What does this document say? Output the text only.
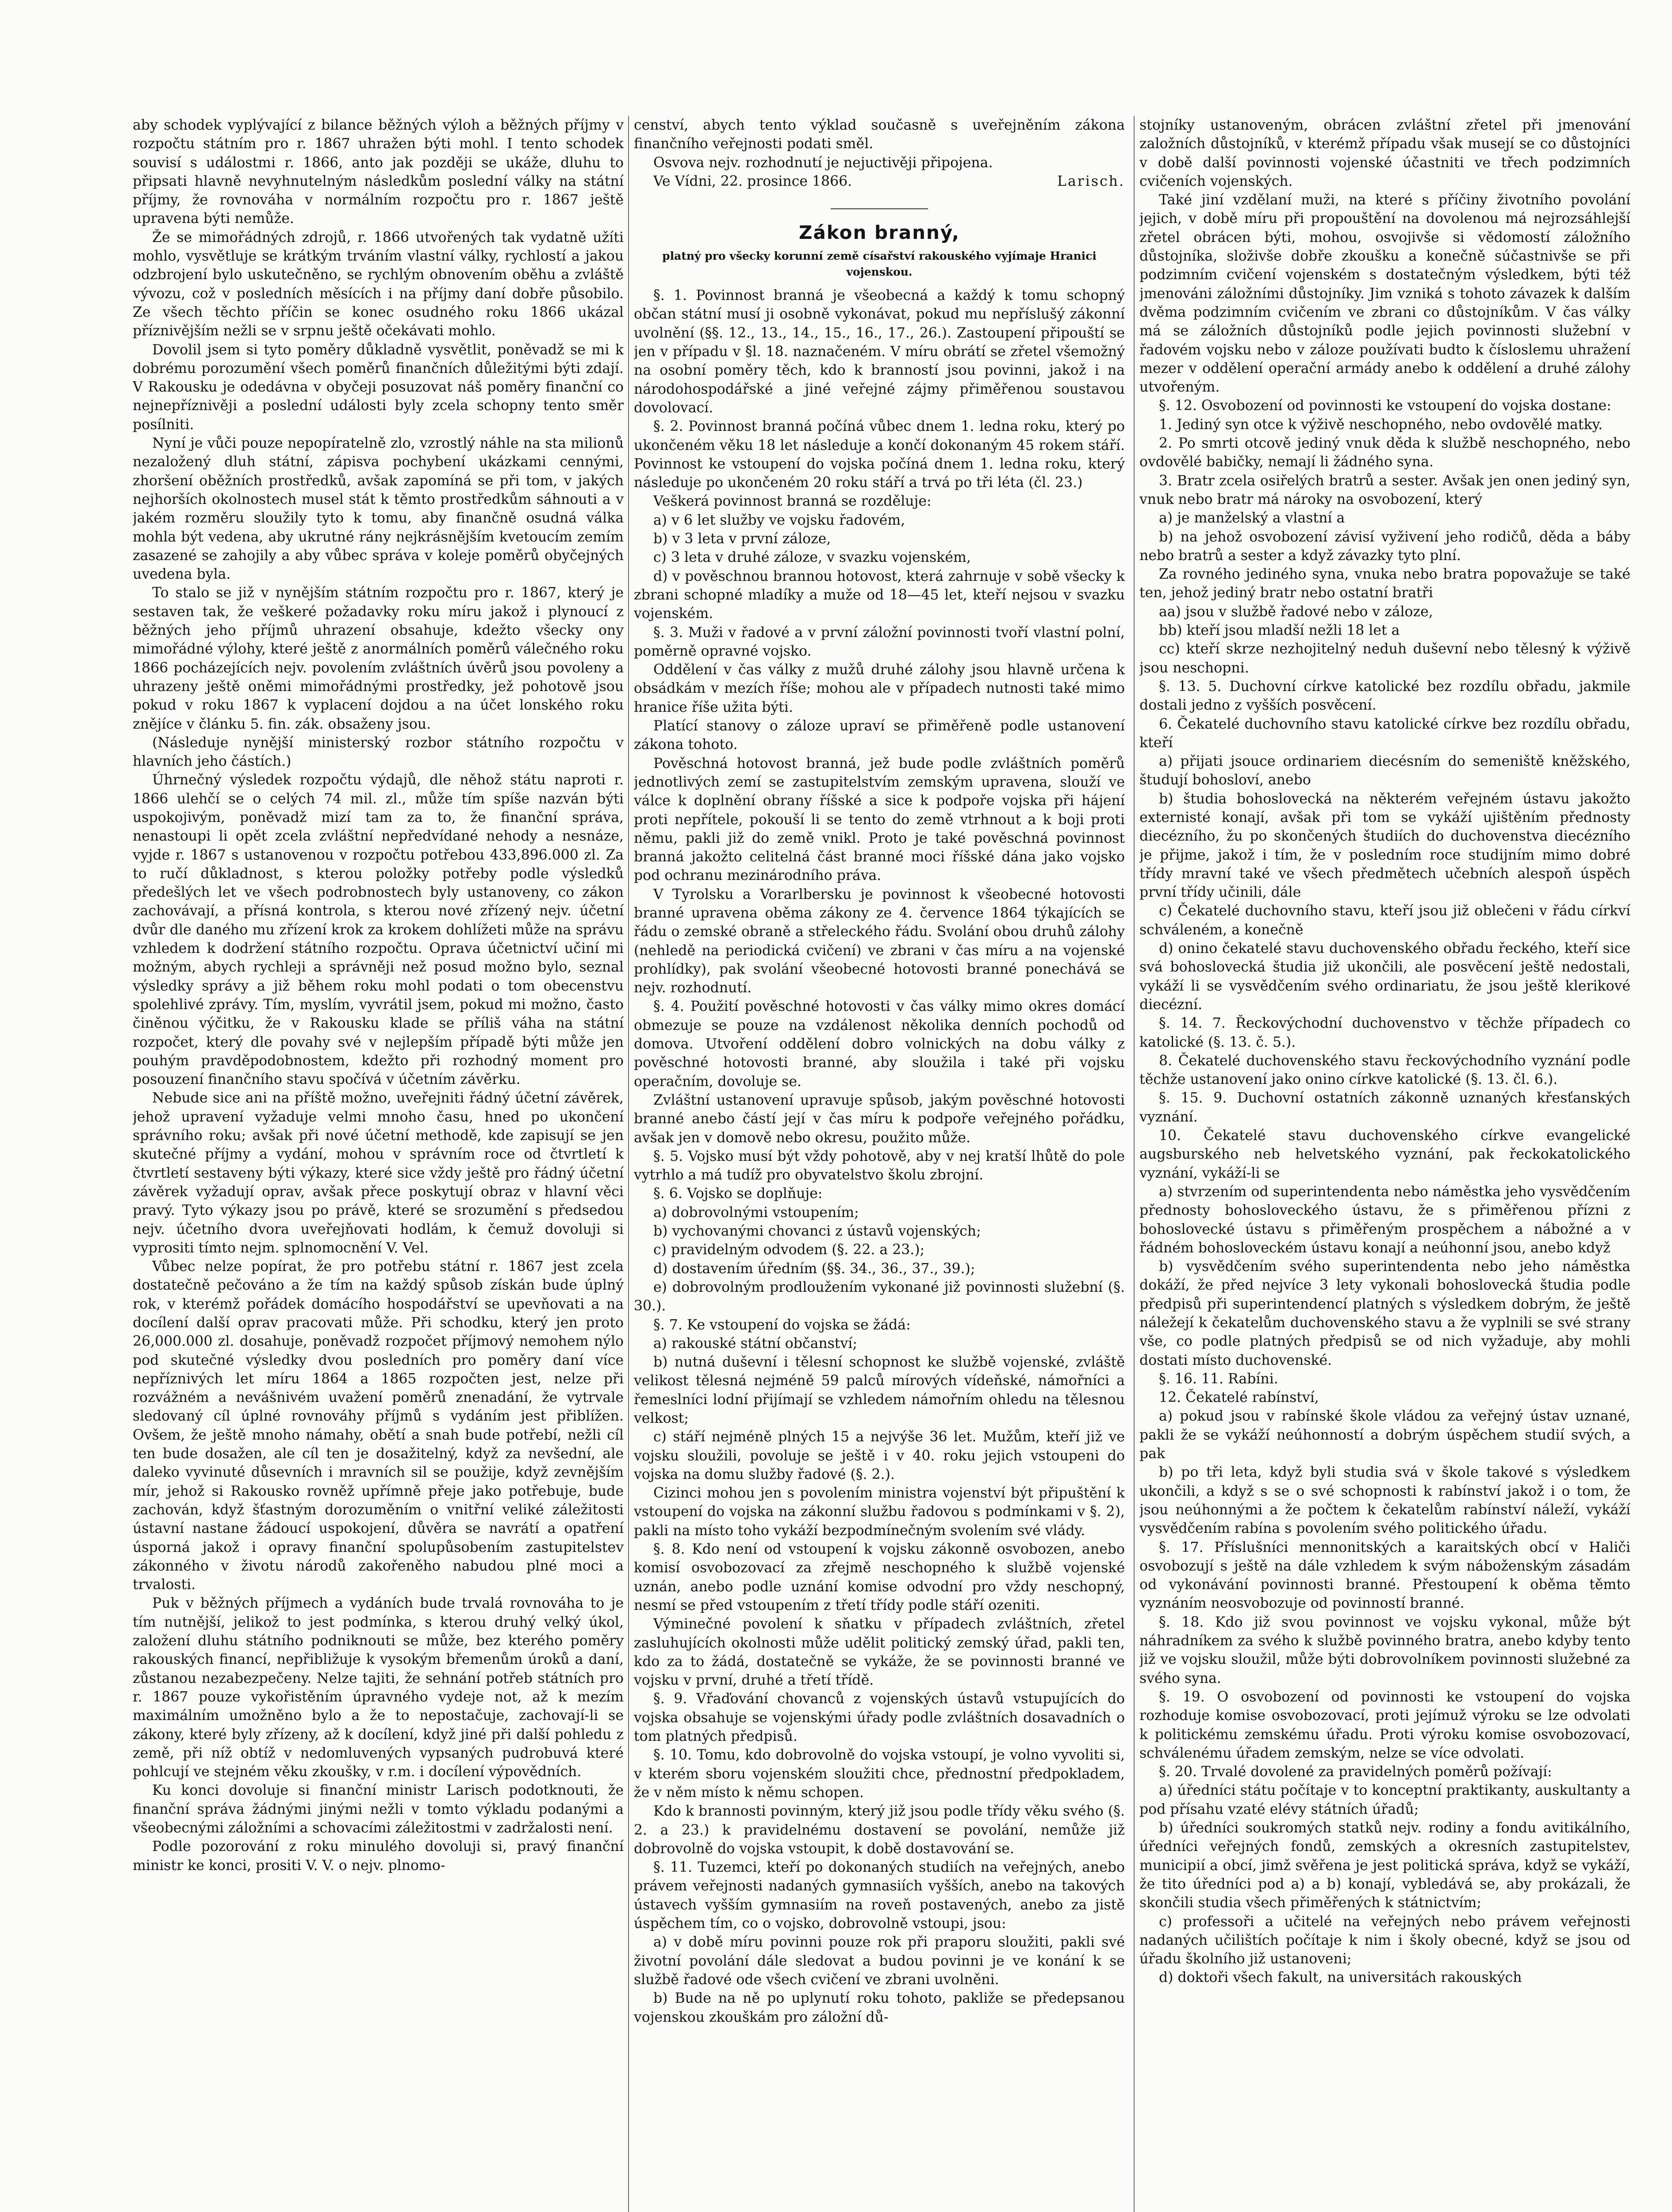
aby schodek vyplývající z bilance běžných výloh a běžných příjmy v rozpočtu státním pro r. 1867 uhražen býti mohl. I tento schodek souvisí s událostmi r. 1866, anto jak později se ukáže, dluhu to připsati hlavně nevyhnutelným následkům poslední války na státní příjmy, že rovnováha v normálním rozpočtu pro r. 1867 ještě upravena býti nemůže.

Že se mimořádných zdrojů, r. 1866 utvořených tak vydatně užíti mohlo, vysvětluje se krátkým trváním vlastní války, rychlostí a jakou odzbrojení bylo uskutečněno, se rychlým obnovením oběhu a zvláště vývozu, což v posledních měsících i na příjmy daní dobře působilo. Ze všech těchto příčin se konec osudného roku 1866 ukázal příznivějším nežli se v srpnu ještě očekávati mohlo.

Dovolil jsem si tyto poměry důkladně vysvětlit, poněvadž se mi k dobrému porozumění všech poměrů finančních důležitými býti zdají. V Rakousku je odedávna v obyčeji posuzovat náš poměry finanční co nejnepříznivěji a poslední události byly zcela schopny tento směr posílniti.

Nyní je vůči pouze nepopíratelně zlo, vzrostlý náhle na sta milionů nezaložený dluh státní, zápisva pochybení ukázkami cennými, zhoršení oběžních prostředků, avšak zapomíná se při tom, v jakých nejhorších okolnostech musel stát k těmto prostředkům sáhnouti a v jakém rozměru sloužily tyto k tomu, aby finančně osudná válka mohla být vedena, aby ukrutné rány nejkrásnějším kvetoucím zemím zasazené se zahojily a aby vůbec správa v koleje poměrů obyčejných uvedena byla.

To stalo se již v nynějším státním rozpočtu pro r. 1867, který je sestaven tak, že veškeré požadavky roku míru jakož i plynoucí z běžných jeho příjmů uhrazení obsahuje, kdežto všecky ony mimořádné výlohy, které ještě z anormálních poměrů válečného roku 1866 pocházejících nejv. povolením zvláštních úvěrů jsou povoleny a uhrazeny ještě oněmi mimořádnými prostředky, jež pohotově jsou pokud v roku 1867 k vyplacení dojdou a na účet lonského roku znějíce v článku 5. fin. zák. obsaženy jsou.

(Následuje nynější ministerský rozbor státního rozpočtu v hlavních jeho částích.)

Úhrnečný výsledek rozpočtu výdajů, dle něhož státu naproti r. 1866 ulehčí se o celých 74 mil. zl., může tím spíše nazván býti uspokojivým, poněvadž mizí tam za to, že finanční správa, nenastoupi li opět zcela zvláštní nepředvídané nehody a nesnáze, vyjde r. 1867 s ustanovenou v rozpočtu potřebou 433,896.000 zl. Za to ručí důkladnost, s kterou položky potřeby podle výsledků předešlých let ve všech podrobnostech byly ustanoveny, co zákon zachovávají, a přísná kontrola, s kterou nové zřízený nejv. účetní dvůr dle daného mu zřízení krok za krokem dohlížeti může na správu vzhledem k dodržení státního rozpočtu. Oprava účetnictví učiní mi možným, abych rychleji a správněji než posud možno bylo, seznal výsledky správy a již během roku mohl podati o tom obecenstvu spolehlivé zprávy. Tím, myslím, vyvrátil jsem, pokud mi možno, často činěnou výčitku, že v Rakousku klade se příliš váha na státní rozpočet, který dle povahy své v nejlepším případě býti může jen pouhým pravděpodobnostem, kdežto při rozhodný moment pro posouzení finančního stavu spočívá v účetním závěrku.

Nebude sice ani na příště možno, uveřejniti řádný účetní závěrek, jehož upravení vyžaduje velmi mnoho času, hned po ukončení správního roku; avšak při nové účetní methodě, kde zapisují se jen skutečné příjmy a vydání, mohou v správním roce od čtvrtletí k čtvrtletí sestaveny býti výkazy, které sice vždy ještě pro řádný účetní závěrek vyžadují oprav, avšak přece poskytují obraz v hlavní věci pravý. Tyto výkazy jsou po právě, které se srozumění s předsedou nejv. účetního dvora uveřejňovati hodlám, k čemuž dovoluji si vyprositi tímto nejm. splnomocnění V. Vel.

Vůbec nelze popírat, že pro potřebu státní r. 1867 jest zcela dostatečně pečováno a že tím na každý spůsob získán bude úplný rok, v kterémž pořádek domácího hospodářství se upevňovati a na docílení další oprav pracovati může. Při schodku, který jen proto 26,000.000 zl. dosahuje, poněvadž rozpočet příjmový nemohem nýlo pod skutečné výsledky dvou posledních pro poměry daní více nepříznivých let míru 1864 a 1865 rozpočten jest, nelze při rozvážném a nevášnivém uvažení poměrů znenadání, že vytrvale sledovaný cíl úplné rovnováhy příjmů s vydáním jest přiblížen. Ovšem, že ještě mnoho námahy, obětí a snah bude potřebí, nežli cíl ten bude dosažen, ale cíl ten je dosažitelný, když za nevšední, ale daleko vyvinuté důsevních i mravních sil se použije, když zevnějším mír, jehož si Rakousko rovněž upřímně přeje jako potřebuje, bude zachován, když šťastným dorozuměním o vnitřní veliké záležitosti ústavní nastane žádoucí uspokojení, důvěra se navrátí a opatření úsporná jakož i opravy finanční spolupůsobením zastupitelstev zákonného v životu národů zakořeněho nabudou plné moci a trvalosti.

Puk v běžných příjmech a vydáních bude trvalá rovnováha to je tím nutnější, jelikož to jest podmínka, s kterou druhý velký úkol, založení dluhu státního podniknouti se může, bez kterého poměry rakouských financí, nepřibližuje k vysokým břemenům úroků a daní, zůstanou nezabezpečeny. Nelze tajiti, že sehnání potřeb státních pro r. 1867 pouze vykořistěním úpravného vydeje not, až k mezím maximálním umožněno bylo a že to nepostačuje, zachovají-li se zákony, které byly zřízeny, až k docílení, když jiné při další pohledu z země, při níž obtíž v nedomluvených vypsaných pudrobuvá které pohlcují ve stejném věku zkoušky, v r.m. i docílení výpovědních.

Ku konci dovoluje si finanční ministr Larisch podotknouti, že finanční správa žádnými jinými nežli v tomto výkladu podanými a všeobecnými záložními a schovacími záležitostmi v zadržalosti není.

Podle pozorování z roku minulého dovoluji si, pravý finanční ministr ke konci, prositi V. V. o nejv. plnomo-

cenství, abych tento výklad současně s uveřejněním zákona finančního veřejnosti podati směl.

Osvova nejv. rozhodnutí je nejuctivěji připojena.

Ve Vídni, 22. prosince 1866.	Larisch.
Zákon branný,
platný pro všecky korunní země císařství rakouského vyjímaje Hranici vojenskou.

§. 1. Povinnost branná je všeobecná a každý k tomu schopný občan státní musí ji osobně vykonávat, pokud mu nepříslušý zákonní uvolnění (§§. 12., 13., 14., 15., 16., 17., 26.). Zastoupení připouští se jen v případu v §l. 18. naznačeném. V míru obrátí se zřetel všemožný na osobní poměry těch, kdo k branností jsou povinni, jakož i na národohospodářské a jiné veřejné zájmy přiměřenou soustavou dovolovací.

§. 2. Povinnost branná počíná vůbec dnem 1. ledna roku, který po ukončeném věku 18 let následuje a končí dokonaným 45 rokem stáří. Povinnost ke vstoupení do vojska počíná dnem 1. ledna roku, který následuje po ukončeném 20 roku stáří a trvá po tři léta (čl. 23.)

Veškerá povinnost branná se rozděluje:

a) v 6 let služby ve vojsku řadovém,

b) v 3 leta v první záloze,

c) 3 leta v druhé záloze, v svazku vojenském,

d) v pověschnou brannou hotovost, která zahrnuje v sobě všecky k zbrani schopné mladíky a muže od 18—45 let, kteří nejsou v svazku vojenském.

§. 3. Muži v řadové a v první záložní povinnosti tvoří vlastní polní, poměrně opravné vojsko.

Oddělení v čas války z mužů druhé zálohy jsou hlavně určena k obsádkám v mezích říše; mohou ale v případech nutnosti také mimo hranice říše užita býti.

Platící stanovy o záloze upraví se přiměřeně podle ustanovení zákona tohoto.

Pověschná hotovost branná, jež bude podle zvláštních poměrů jednotlivých zemí se zastupitelstvím zemským upravena, slouží ve válce k doplnění obrany říšské a sice k podpoře vojska při hájení proti nepřítele, pokouší li se tento do země vtrhnout a k boji proti němu, pakli již do země vnikl. Proto je také pověschná povinnost branná jakožto celitelná část branné moci říšské dána jako vojsko pod ochranu mezinárodního práva.

V Tyrolsku a Vorarlbersku je povinnost k všeobecné hotovosti branné upravena oběma zákony ze 4. července 1864 týkajících se řádu o zemské obraně a střeleckého řádu. Svolání obou druhů zálohy (nehledě na periodická cvičení) ve zbrani v čas míru a na vojenské prohlídky), pak svolání všeobecné hotovosti branné ponechává se nejv. rozhodnutí.

§. 4. Použití pověschné hotovosti v čas války mimo okres domácí obmezuje se pouze na vzdálenost několika denních pochodů od domova. Utvoření oddělení dobro volnických na dobu války z pověschné hotovosti branné, aby sloužila i také při vojsku operačním, dovoluje se.

Zvláštní ustanovení upravuje spůsob, jakým pověschné hotovosti branné anebo částí její v čas míru k podpoře veřejného pořádku, avšak jen v domově nebo okresu, použito může.

§. 5. Vojsko musí být vždy pohotově, aby v nej kratší lhůtě do pole vytrhlo a má tudíž pro obyvatelstvo školu zbrojní.

§. 6. Vojsko se doplňuje:

a) dobrovolnými vstoupením;

b) vychovanými chovanci z ústavů vojenských;

c) pravidelným odvodem (§. 22. a 23.);

d) dostavením úředním (§§. 34., 36., 37., 39.);

e) dobrovolným prodloužením vykonané již povinnosti služební (§. 30.).

§. 7. Ke vstoupení do vojska se žádá:

a) rakouské státní občanství;

b) nutná duševní i tělesní schopnost ke službě vojenské, zvláště velikost tělesná nejméně 59 palců mírových vídeňské, námořníci a řemeslníci lodní přijímají se vzhledem námořním ohledu na tělesnou velkost;

c) stáří nejméně plných 15 a nejvýše 36 let. Mužům, kteří již ve vojsku sloužili, povoluje se ještě i v 40. roku jejich vstoupeni do vojska na domu služby řadové (§. 2.).

Cizinci mohou jen s povolením ministra vojenství být připuštění k vstoupení do vojska na zákonní službu řadovou s podmínkami v §. 2), pakli na místo toho vykáží bezpodmínečným svolením své vlády.

§. 8. Kdo není od vstoupení k vojsku zákonně osvobozen, anebo komisí osvobozovací za zřejmě neschopného k službě vojenské uznán, anebo podle uznání komise odvodní pro vždy neschopný, nesmí se před vstoupením z třetí třídy podle stáří ozeniti.

Výminečné povolení k sňatku v případech zvláštních, zřetel zasluhujících okolnosti může udělit politický zemský úřad, pakli ten, kdo za to žádá, dostatečně se vykáže, že se povinnosti branné ve vojsku v první, druhé a třetí třídě.

§. 9. Vřaďování chovanců z vojenských ústavů vstupujících do vojska obsahuje se vojenskými úřady podle zvláštních dosavadních o tom platných předpisů.

§. 10. Tomu, kdo dobrovolně do vojska vstoupí, je volno vyvoliti si, v kterém sboru vojenském sloužiti chce, přednostní předpokladem, že v něm místo k němu schopen.

Kdo k brannosti povinným, který již jsou podle třídy věku svého (§. 2. a 23.) k pravidelnému dostavení se povolání, nemůže již dobrovolně do vojska vstoupit, k době dostavování se.

§. 11. Tuzemci, kteří po dokonaných studiích na veřejných, anebo právem veřejnosti nadaných gymnasiích vyšších, anebo na takových ústavech vyšším gymnasiím na roveň postavených, anebo za jistě úspěchem tím, co o vojsko, dobrovolně vstoupi, jsou:

a) v době míru povinni pouze rok při praporu sloužiti, pakli své životní povolání dále sledovat a budou povinni je ve konání k se službě řadové ode všech cvičení ve zbrani uvolněni.

b) Bude na ně po uplynutí roku tohoto, pakliže se předepsanou vojenskou zkouškám pro záložní dů-

stojníky ustanoveným, obrácen zvláštní zřetel při jmenování založních důstojníků, v kterémž případu však musejí se co důstojníci v době další povinnosti vojenské účastniti ve třech podzimních cvičeních vojenských.

Také jiní vzdělaní muži, na které s příčiny životního povolání jejich, v době míru při propouštění na dovolenou má nejrozsáhlejší zřetel obrácen býti, mohou, osvojivše si vědomostí záložního důstojníka, složivše dobře zkoušku a konečně súčastnivše se při podzimním cvičení vojenském s dostatečným výsledkem, býti též jmenováni záložními důstojníky. Jim vzniká s tohoto závazek k dalším dvěma podzimním cvičením ve zbrani co důstojníkům. V čas války má se záložních důstojníků podle jejich povinnosti služební v řadovém vojsku nebo v záloze používati budto k čísloslemu uhražení mezer v oddělení operační armády anebo k oddělení a druhé zálohy utvořeným.

§. 12. Osvobození od povinnosti ke vstoupení do vojska dostane:

1. Jediný syn otce k výživě neschopného, nebo ovdovělé matky.

2. Po smrti otcově jediný vnuk děda k službě neschopného, nebo ovdovělé babičky, nemají li žádného syna.

3. Bratr zcela osiřelých bratrů a sester. Avšak jen onen jediný syn, vnuk nebo bratr má nároky na osvobození, který

a) je manželský a vlastní a

b) na jehož osvobození závisí vyživení jeho rodičů, děda a báby nebo bratrů a sester a když závazky tyto plní.

Za rovného jediného syna, vnuka nebo bratra popovažuje se také ten, jehož jediný bratr nebo ostatní bratři

aa) jsou v službě řadové nebo v záloze,

bb) kteří jsou mladší nežli 18 let a

cc) kteří skrze nezhojitelný neduh duševní nebo tělesný k výživě jsou neschopni.

§. 13. 5. Duchovní církve katolické bez rozdílu obřadu, jakmile dostali jedno z vyšších posvěcení.

6. Čekatelé duchovního stavu katolické církve bez rozdílu obřadu, kteří

a) přijati jsouce ordinariem diecésním do semeniště kněžského, študují bohosloví, anebo

b) študia bohoslovecká na některém veřejném ústavu jakožto externisté konají, avšak při tom se vykáží ujištěním přednosty diecézního, žu po skončených študiích do duchovenstva diecézního je přijme, jakož i tím, že v posledním roce studijním mimo dobré třídy mravní také ve všech předmětech učebních alespoň úspěch první třídy učinili, dále

c) Čekatelé duchovního stavu, kteří jsou již oblečeni v řádu církví schváleném, a konečně

d) onino čekatelé stavu duchovenského obřadu řeckého, kteří sice svá bohoslovecká študia již ukončili, ale posvěcení ještě nedostali, vykáží li se vysvědčením svého ordinariatu, že jsou ještě klerikové diecézní.

§. 14. 7. Řeckovýchodní duchovenstvo v těchže případech co katolické (§. 13. č. 5.).

8. Čekatelé duchovenského stavu řeckovýchodního vyznání podle těchže ustanovení jako onino církve katolické (§. 13. čl. 6.).

§. 15. 9. Duchovní ostatních zákonně uznaných křesťanských vyznání.

10. Čekatelé stavu duchovenského církve evangelické augsburského neb helvetského vyznání, pak řeckokatolického vyznání, vykáží-li se

a) stvrzením od superintendenta nebo náměstka jeho vysvědčením přednosty bohosloveckého ústavu, že s přiměřenou přízni z bohoslovecké ústavu s přiměřeným prospěchem a nábožné a v řádném bohosloveckém ústavu konají a neúhonní jsou, anebo když

b) vysvědčením svého superintendenta nebo jeho náměstka dokáží, že před nejvíce 3 lety vykonali bohoslovecká študia podle předpisů při superintendencí platných s výsledkem dobrým, že ještě náležejí k čekatelům duchovenského stavu a že vyplnili se své strany vše, co podle platných předpisů se od nich vyžaduje, aby mohli dostati místo duchovenské.

§. 16. 11. Rabíni.

12. Čekatelé rabínství,

a) pokud jsou v rabínské škole vládou za veřejný ústav uznané, pakli že se vykáží neúhonností a dobrým úspěchem studií svých, a pak

b) po tři leta, když byli studia svá v škole takové s výsledkem ukončili, a když s se o své schopnosti k rabínství jakož i o tom, že jsou neúhonnými a že počtem k čekatelům rabínství náleží, vykáží vysvědčením rabína s povolením svého politického úřadu.

§. 17. Příslušníci mennonitských a karaitských obcí v Haliči osvobozují s ještě na dále vzhledem k svým náboženským zásadám od vykonávání povinnosti branné. Přestoupení k oběma těmto vyznáním neosvobozuje od povinností branné.

§. 18. Kdo již svou povinnost ve vojsku vykonal, může být náhradníkem za svého k službě povinného bratra, anebo kdyby tento již ve vojsku sloužil, může býti dobrovolníkem povinnosti služebné za svého syna.

§. 19. O osvobození od povinnosti ke vstoupení do vojska rozhoduje komise osvobozovací, proti jejímuž výroku se lze odvolati k politickému zemskému úřadu. Proti výroku komise osvobozovací, schválenému úřadem zemským, nelze se více odvolati.

§. 20. Trvalé dovolené za pravidelných poměrů požívají:

a) úředníci státu počítaje v to konceptní praktikanty, auskultanty a pod přísahu vzaté elévy státních úřadů;

b) úředníci soukromých statků nejv. rodiny a fondu avitikálního, úředníci veřejných fondů, zemských a okresních zastupitelstev, municipií a obcí, jimž svěřena je jest politická správa, když se vykáží, že tito úředníci pod a) a b) konají, vybledává se, aby prokázali, že skončili studia všech přiměřených k státnictvím;

c) professoři a učitelé na veřejných nebo právem veřejnosti nadaných učilištích počítaje k nim i školy obecné, když se jsou od úřadu školního již ustanoveni;

d) doktoři všech fakult, na universitách rakouských
